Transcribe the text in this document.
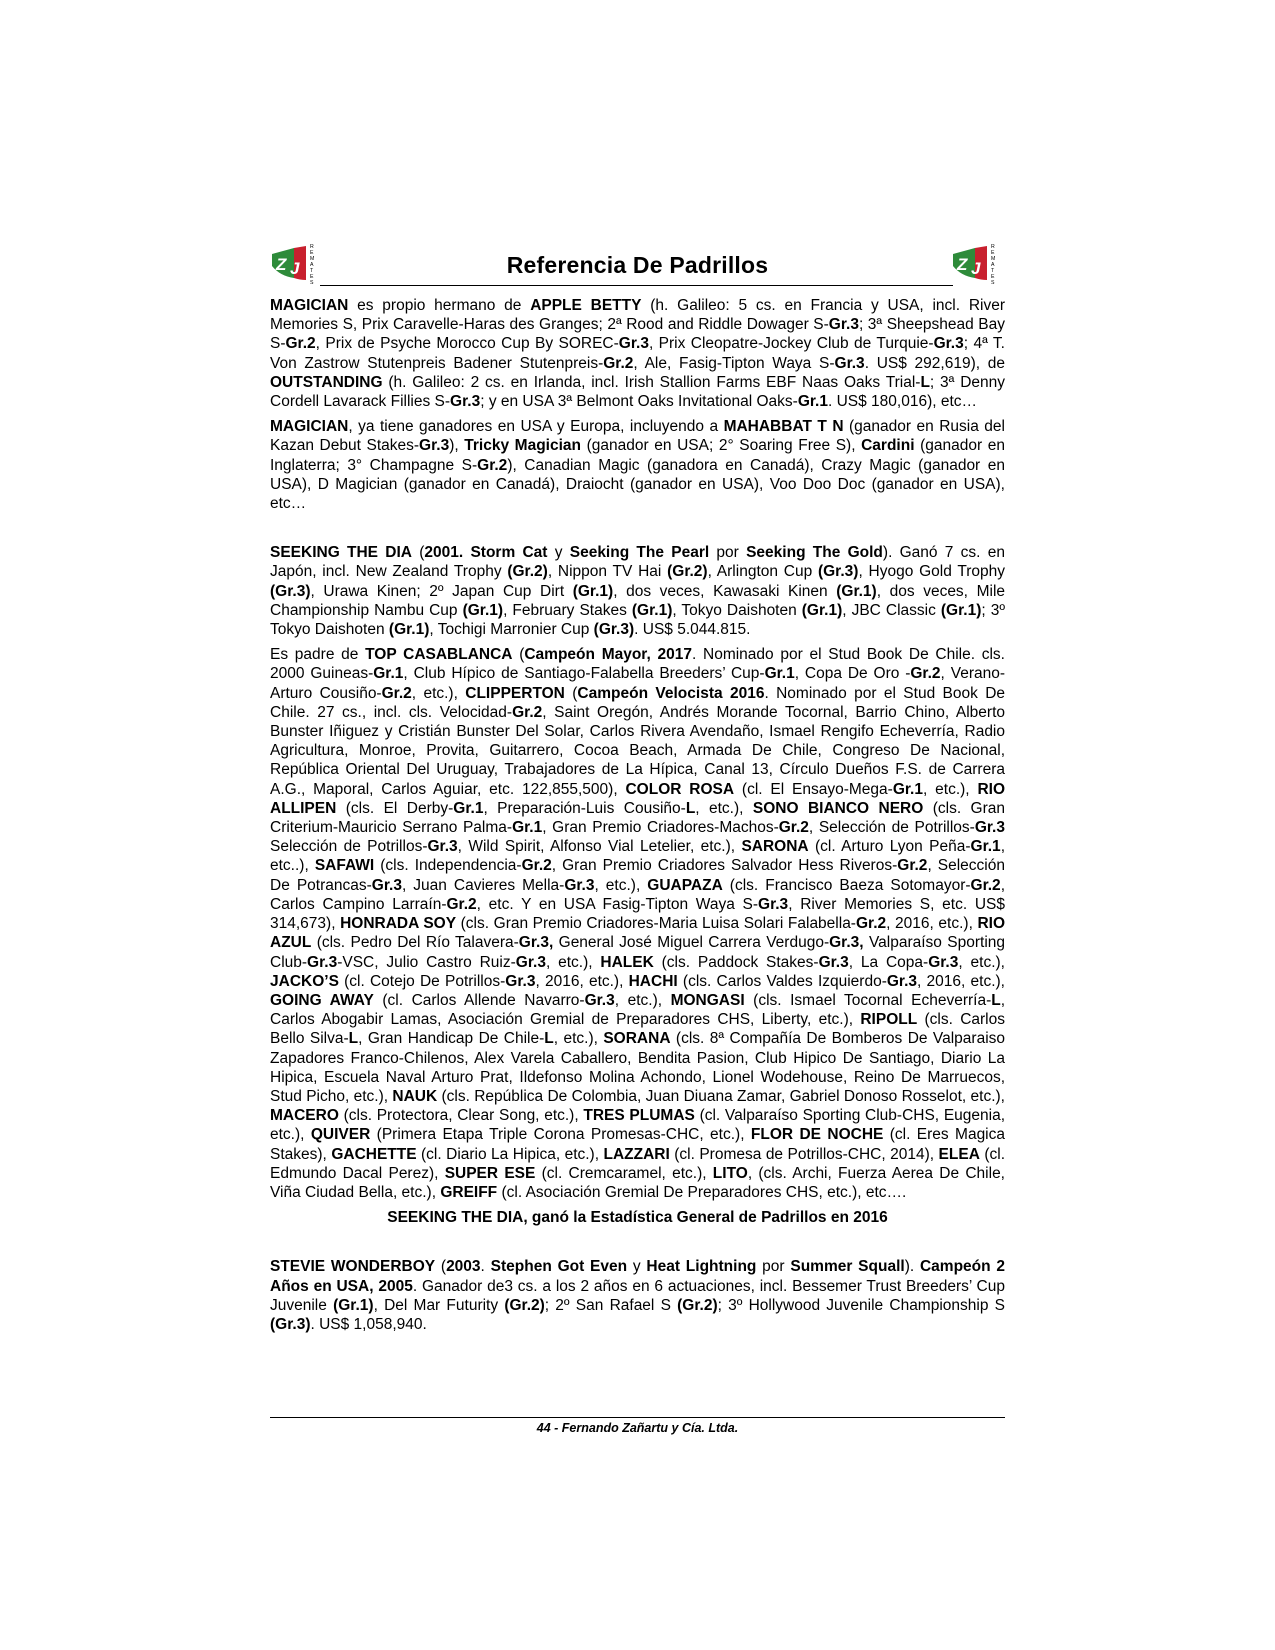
Z J
R
E
M
A
T
E
S
Referencia De Padrillos	Z J
R
E
M
A
T
E
S

MAGICIAN es propio hermano de APPLE BETTY (h. Galileo: 5 cs. en Francia y USA, incl. River Memories S, Prix Caravelle-Haras des Granges; 2ª Rood and Riddle Dowager S-Gr.3; 3ª Sheepshead Bay S-Gr.2, Prix de Psyche Morocco Cup By SOREC-Gr.3, Prix Cleopatre-Jockey Club de Turquie-Gr.3; 4ª T. Von Zastrow Stutenpreis Badener Stutenpreis-Gr.2, Ale, Fasig-Tipton Waya S-Gr.3. US$ 292,619), de OUTSTANDING (h. Galileo: 2 cs. en Irlanda, incl. Irish Stallion Farms EBF Naas Oaks Trial-L; 3ª Denny Cordell Lavarack Fillies S-Gr.3; y en USA 3ª Belmont Oaks Invitational Oaks-Gr.1. US$ 180,016), etc…

MAGICIAN, ya tiene ganadores en USA y Europa, incluyendo a MAHABBAT T N (ganador en Rusia del Kazan Debut Stakes-Gr.3), Tricky Magician (ganador en USA; 2° Soaring Free S), Cardini (ganador en Inglaterra; 3° Champagne S-Gr.2), Canadian Magic (ganadora en Canadá), Crazy Magic (ganador en USA), D Magician (ganador en Canadá), Draiocht (ganador en USA), Voo Doo Doc (ganador en USA), etc…

SEEKING THE DIA (2001. Storm Cat y Seeking The Pearl por Seeking The Gold). Ganó 7 cs. en Japón, incl. New Zealand Trophy (Gr.2), Nippon TV Hai (Gr.2), Arlington Cup (Gr.3), Hyogo Gold Trophy (Gr.3), Urawa Kinen; 2º Japan Cup Dirt (Gr.1), dos veces, Kawasaki Kinen (Gr.1), dos veces, Mile Championship Nambu Cup (Gr.1), February Stakes (Gr.1), Tokyo Daishoten (Gr.1), JBC Classic (Gr.1); 3º Tokyo Daishoten (Gr.1), Tochigi Marronier Cup (Gr.3). US$ 5.044.815.

Es padre de TOP CASABLANCA (Campeón Mayor, 2017. Nominado por el Stud Book De Chile. cls. 2000 Guineas-Gr.1, Club Hípico de Santiago-Falabella Breeders’ Cup-Gr.1, Copa De Oro -Gr.2, Verano-Arturo Cousiño-Gr.2, etc.), CLIPPERTON (Campeón Velocista 2016. Nominado por el Stud Book De Chile. 27 cs., incl. cls. Velocidad-Gr.2, Saint Oregón, Andrés Morande Tocornal, Barrio Chino, Alberto Bunster Iñiguez y Cristián Bunster Del Solar, Carlos Rivera Avendaño, Ismael Rengifo Echeverría, Radio Agricultura, Monroe, Provita, Guitarrero, Cocoa Beach, Armada De Chile, Congreso De Nacional, República Oriental Del Uruguay, Trabajadores de La Hípica, Canal 13, Círculo Dueños F.S. de Carrera A.G., Maporal, Carlos Aguiar, etc. 122,855,500), COLOR ROSA (cl. El Ensayo-Mega-Gr.1, etc.), RIO ALLIPEN (cls. El Derby-Gr.1, Preparación-Luis Cousiño-L, etc.), SONO BIANCO NERO (cls. Gran Criterium-Mauricio Serrano Palma-Gr.1, Gran Premio Criadores-Machos-Gr.2, Selección de Potrillos-Gr.3 Selección de Potrillos-Gr.3, Wild Spirit, Alfonso Vial Letelier, etc.), SARONA (cl. Arturo Lyon Peña-Gr.1, etc..), SAFAWI (cls. Independencia-Gr.2, Gran Premio Criadores Salvador Hess Riveros-Gr.2, Selección De Potrancas-Gr.3, Juan Cavieres Mella-Gr.3, etc.), GUAPAZA (cls. Francisco Baeza Sotomayor-Gr.2, Carlos Campino Larraín-Gr.2, etc. Y en USA Fasig-Tipton Waya S-Gr.3, River Memories S, etc. US$ 314,673), HONRADA SOY (cls. Gran Premio Criadores-Maria Luisa Solari Falabella-Gr.2, 2016, etc.), RIO AZUL (cls. Pedro Del Río Talavera-Gr.3, General José Miguel Carrera Verdugo-Gr.3, Valparaíso Sporting Club-Gr.3-VSC, Julio Castro Ruiz-Gr.3, etc.), HALEK (cls. Paddock Stakes-Gr.3, La Copa-Gr.3, etc.), JACKO’S (cl. Cotejo De Potrillos-Gr.3, 2016, etc.), HACHI (cls. Carlos Valdes Izquierdo-Gr.3, 2016, etc.), GOING AWAY (cl. Carlos Allende Navarro-Gr.3, etc.), MONGASI (cls. Ismael Tocornal Echeverría-L, Carlos Abogabir Lamas, Asociación Gremial de Preparadores CHS, Liberty, etc.), RIPOLL (cls. Carlos Bello Silva-L, Gran Handicap De Chile-L, etc.), SORANA (cls. 8ª Compañía De Bomberos De Valparaiso Zapadores Franco-Chilenos, Alex Varela Caballero, Bendita Pasion, Club Hipico De Santiago, Diario La Hipica, Escuela Naval Arturo Prat, Ildefonso Molina Achondo, Lionel Wodehouse, Reino De Marruecos, Stud Picho, etc.), NAUK (cls. República De Colombia, Juan Diuana Zamar, Gabriel Donoso Rosselot, etc.), MACERO (cls. Protectora, Clear Song, etc.), TRES PLUMAS (cl. Valparaíso Sporting Club-CHS, Eugenia, etc.), QUIVER (Primera Etapa Triple Corona Promesas-CHC, etc.), FLOR DE NOCHE (cl. Eres Magica Stakes), GACHETTE (cl. Diario La Hipica, etc.), LAZZARI (cl. Promesa de Potrillos-CHC, 2014), ELEA (cl. Edmundo Dacal Perez), SUPER ESE (cl. Cremcaramel, etc.), LITO, (cls. Archi, Fuerza Aerea De Chile, Viña Ciudad Bella, etc.), GREIFF (cl. Asociación Gremial De Preparadores CHS, etc.), etc….

SEEKING THE DIA, ganó la Estadística General de Padrillos en 2016

STEVIE WONDERBOY (2003. Stephen Got Even y Heat Lightning por Summer Squall). Campeón 2 Años en USA, 2005. Ganador de3 cs. a los 2 años en 6 actuaciones, incl. Bessemer Trust Breeders’ Cup Juvenile (Gr.1), Del Mar Futurity (Gr.2); 2º San Rafael S (Gr.2); 3º Hollywood Juvenile Championship S (Gr.3). US$ 1,058,940.

44 - Fernando Zañartu y Cía. Ltda.
